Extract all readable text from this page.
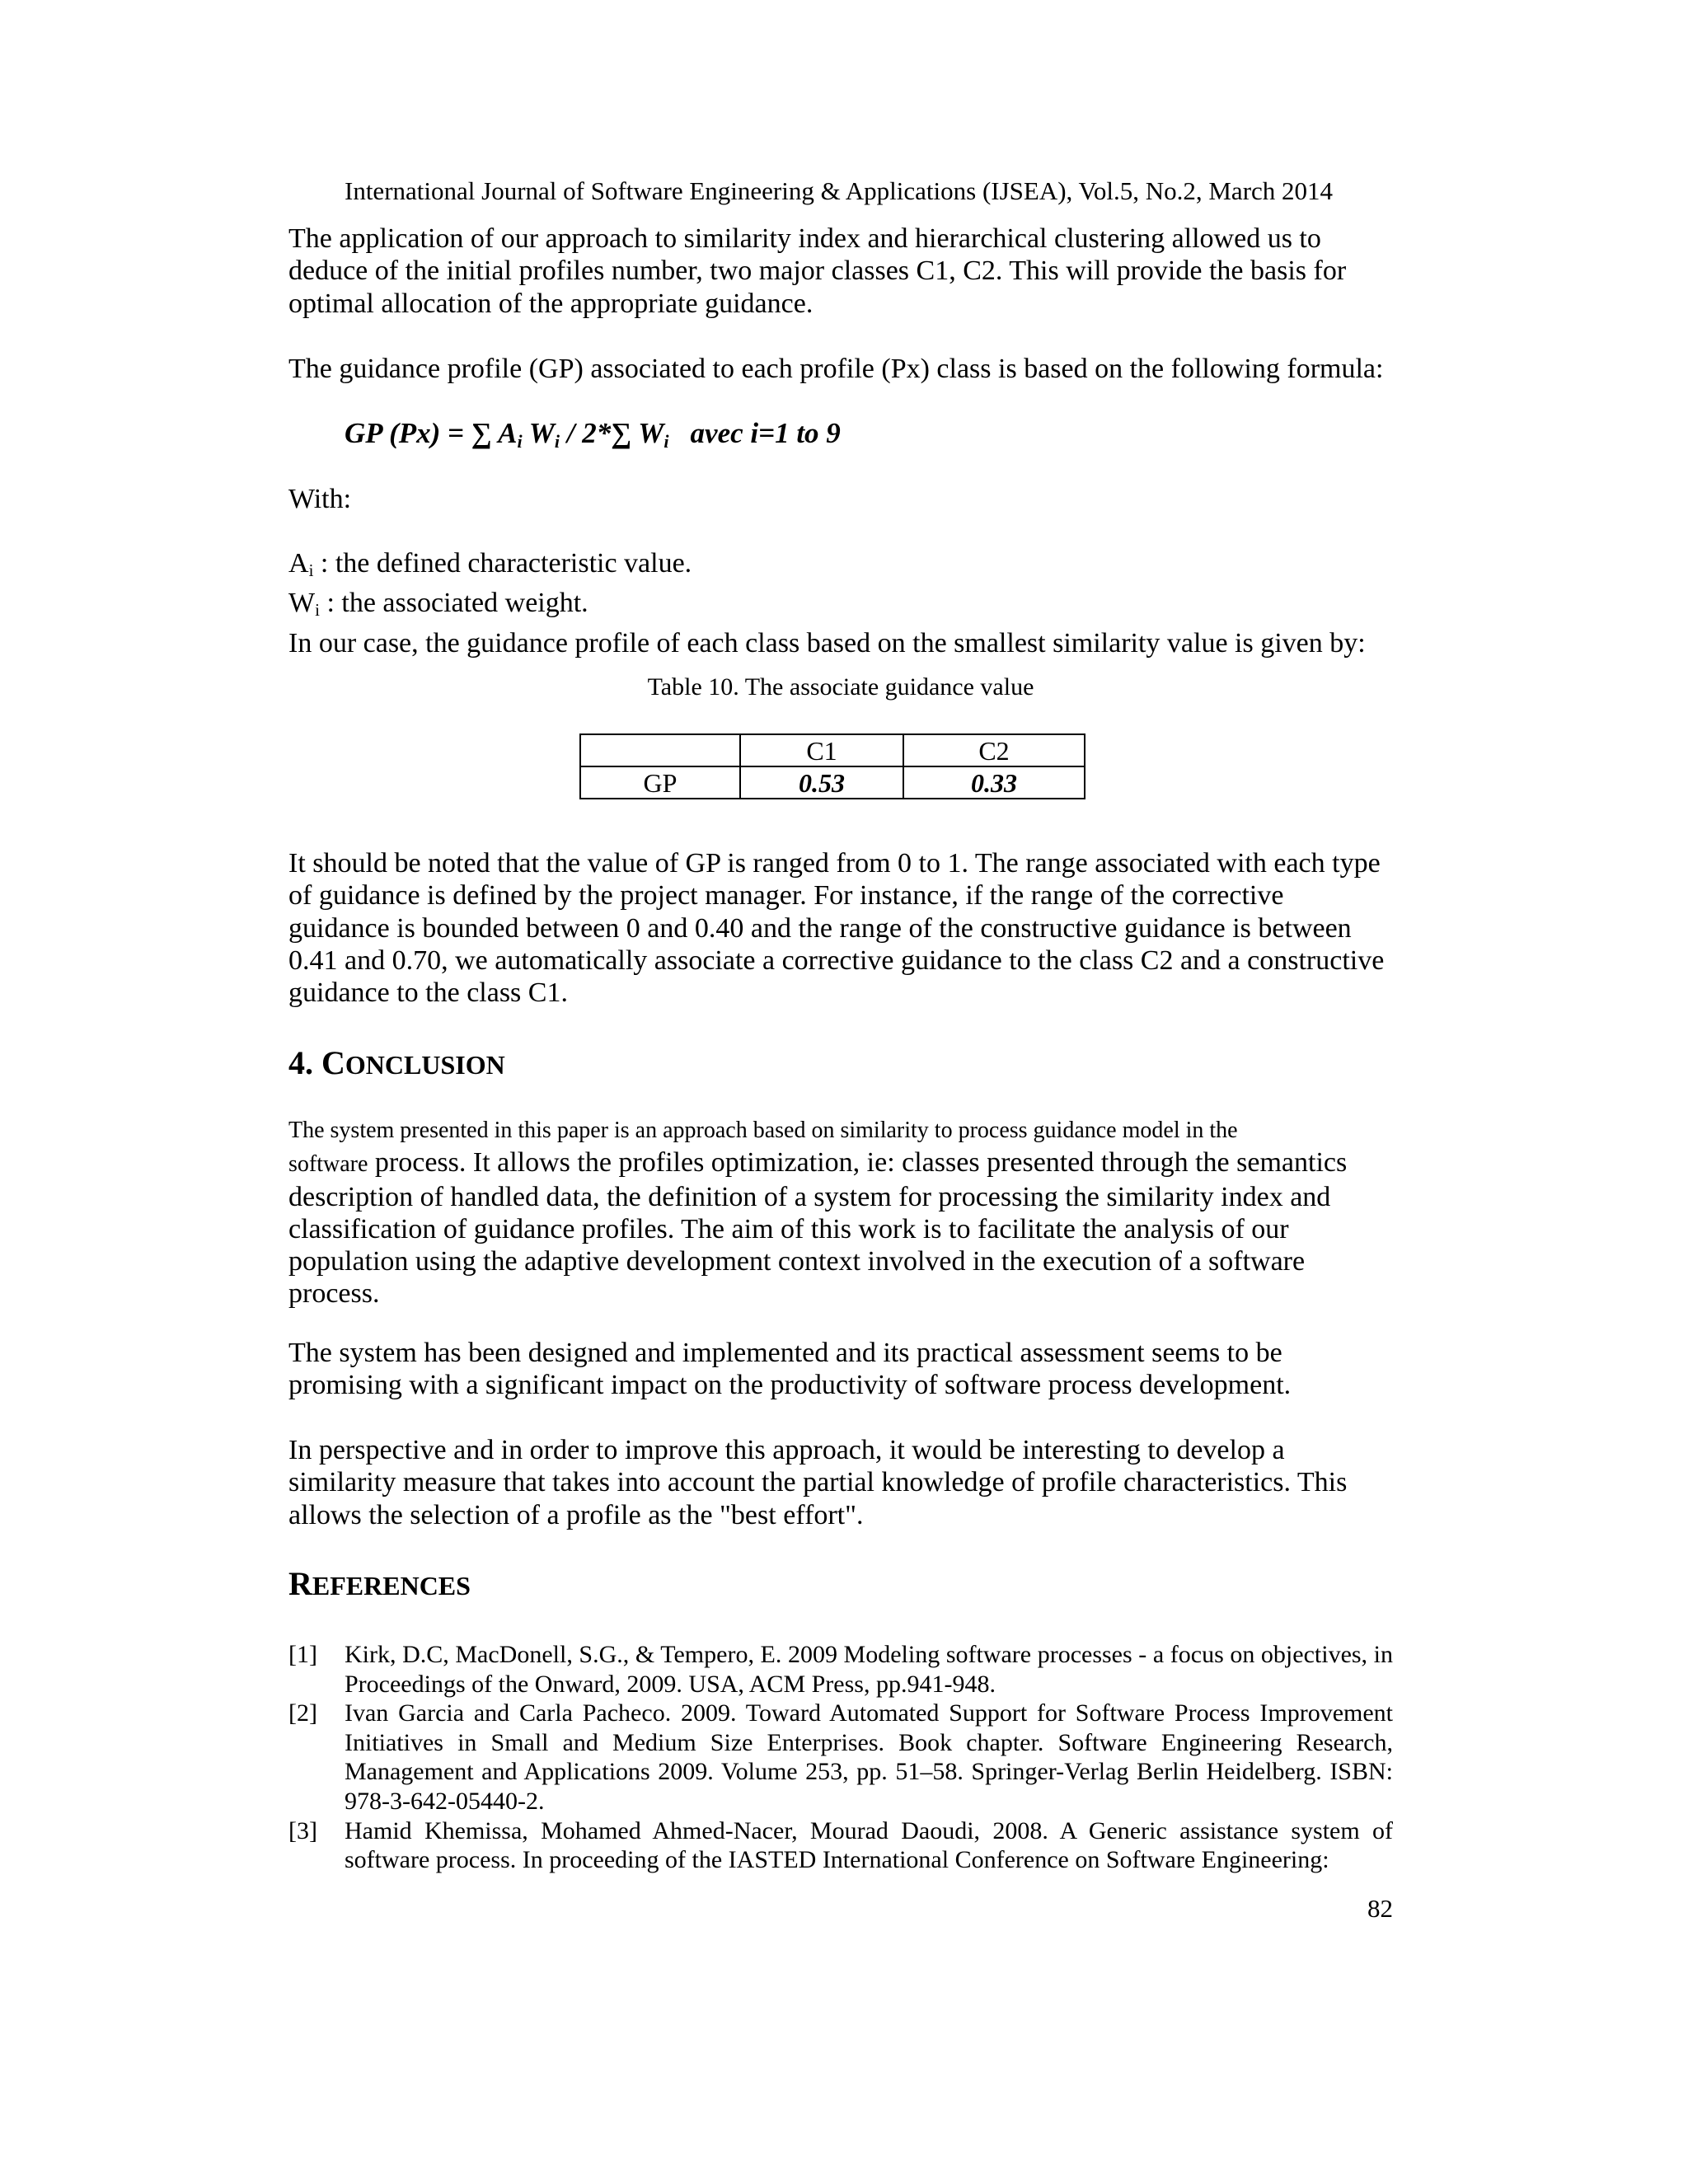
International Journal of Software Engineering & Applications (IJSEA), Vol.5, No.2, March 2014

The application of our approach to similarity index and hierarchical clustering allowed us to

deduce of the initial profiles number, two major classes C1, C2. This will provide the basis for

optimal allocation of the appropriate guidance.

The guidance profile (GP) associated to each profile (Px) class is based on the following formula:

GP (Px) = ∑ $A_i$ $W_i / 2*\sum$ $W_i$ avec i=1 to 9
With:
$A_i$ : the defined characteristic value.
$W_i$ : the associated weight.
In our case, the guidance profile of each class based on the smallest similarity value is given by:
Table 10. The associate guidance value
	C1	C2
GP	0.53	0.33

It should be noted that the value of GP is ranged from 0 to 1. The range associated with each type

of guidance is defined by the project manager. For instance, if the range of the corrective

guidance is bounded between 0 and 0.40 and the range of the constructive guidance is between

0.41 and 0.70, we automatically associate a corrective guidance to the class C2 and a constructive

guidance to the class C1.

4. CONCLUSION

The system presented in this paper is an approach based on similarity to process guidance model in the

software process. It allows the profiles optimization, ie: classes presented through the semantics

description of handled data, the definition of a system for processing the similarity index and

classification of guidance profiles. The aim of this work is to facilitate the analysis of our

population using the adaptive development context involved in the execution of a software

process.

The system has been designed and implemented and its practical assessment seems to be

promising with a significant impact on the productivity of software process development.

In perspective and in order to improve this approach, it would be interesting to develop a

similarity measure that takes into account the partial knowledge of profile characteristics. This

allows the selection of a profile as the "best effort".

REFERENCES
[1] Kirk, D.C, MacDonell, S.G., & Tempero, E. 2009 Modeling software processes - a focus on objectives, in Proceedings of the Onward, 2009. USA, ACM Press, pp.941-948.
[2] Ivan Garcia and Carla Pacheco. 2009. Toward Automated Support for Software Process Improvement Initiatives in Small and Medium Size Enterprises. Book chapter. Software Engineering Research, Management and Applications 2009. Volume 253, pp. 51–58. Springer-Verlag Berlin Heidelberg. ISBN: 978-3-642-05440-2.
[3] Hamid Khemissa, Mohamed Ahmed-Nacer, Mourad Daoudi, 2008. A Generic assistance system of software process. In proceeding of the IASTED International Conference on Software Engineering:
82
